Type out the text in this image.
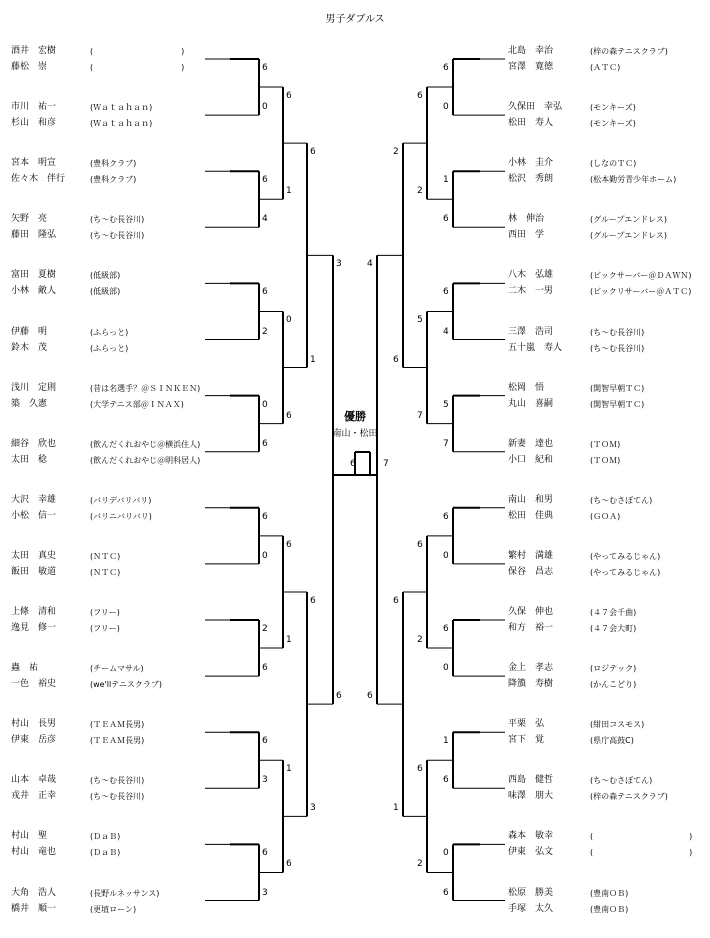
男子ダブルス
酒井　宏樹	(　　　　　　　　　　　)
藤松　崇	(　　　　　　　　　　　)
市川　祐一	(Ｗａｔａｈａｎ)
杉山　和彦	(Ｗａｔａｈａｎ)
宮本　明宣	(豊科クラブ)
佐々木　伴行	(豊科クラブ)
矢野　亮	(ち～む長谷川)
藤田　隆弘	(ち～む長谷川)
富田　夏樹	(低級部)
小林　敵人	(低級部)
伊藤　明	(ふらっと)
鈴木　茂	(ふらっと)
浅川　定則	(昔は名選手？＠ＳＩＮＫＥＮ)
築　久憲	(大学テニス部＠ＩＮＡＸ)
細谷　欣也	(飲んだくれおやじ＠横浜住人)
太田　稔	(飲んだくれおやじ＠明科居人)
大沢　幸雄	(バリデバリバリ)
小松　信一	(バリニバリバリ)
太田　真史	(ＮＴＣ)
飯田　敏道	(ＮＴＣ)
上條　清和	(フリー)
逸見　修一	(フリー)
蟲　祐	(チームマサル)
一色　裕史	(we'llテニスクラブ)
村山　長男	(ＴＥＡＭ長男)
伊東　岳彦	(ＴＥＡＭ長男)
山本　卓哉	(ち～む長谷川)
戎井　正幸	(ち～む長谷川)
村山　聖	(ＤａＢ)
村山　竜也	(ＤａＢ)
大角　浩人	(長野ルネッサンス)
橋井　順一	(更埴ローン)
北島　幸治	(梓の森テニスクラブ)
宮澤　寛徳	(ＡＴＣ)
久保田　幸弘	(モンキーズ)
松田　寿人	(モンキーズ)
小林　圭介	(しなのＴＣ)
松沢　秀朗	(松本勤労青少年ホーム)
林　伸治	(グループエンドレス)
西田　学	(グループエンドレス)
八木　弘雄	(ビックサーバー＠ＤＡＷＮ)
二木　一男	(ビックリサーバー＠ＡＴＣ)
三澤　浩司	(ち～む長谷川)
五十嵐　寿人	(ち～む長谷川)
松岡　悟	(開智早朝ＴＣ)
丸山　喜嗣	(開智早朝ＴＣ)
新妻　達也	(ＴＯＭ)
小口　紀和	(ＴＯＭ)
南山　和男	(ち～むさぼてん)
松田　佳典	(ＧＯＡ)
繁村　満雄	(やってみるじゃん)
保谷　昌志	(やってみるじゃん)
久保　伸也	(４７会千曲)
和方　裕一	(４７会大町)
金上　孝志	(ロジテック)
降籏　寿樹	(かんこどり)
平栗　弘	(紺田コスモス)
宮下　覚	(県庁高鼓C)
西島　健哲	(ち～むさぼてん)
味澤　朋大	(梓の森テニスクラブ)
森本　敏幸	(　　　　　　　　　　　　)
伊東　弘文	(　　　　　　　　　　　　)
松原　勝美	(豊南ＯＢ)
手塚　太久	(豊南ＯＢ)
6
0
6
4
6
2
0
6
6
0
2
6
6
3
6
3
6
1
0
6
6
1
1
6
6
1
6
3
3
6
6
0
1
6
6
4
5
7
6
0
6
0
1
6
0
6
6
2
5
7
6
2
6
2
2
6
6
1
4
6
優勝
南山・松田
6	7
